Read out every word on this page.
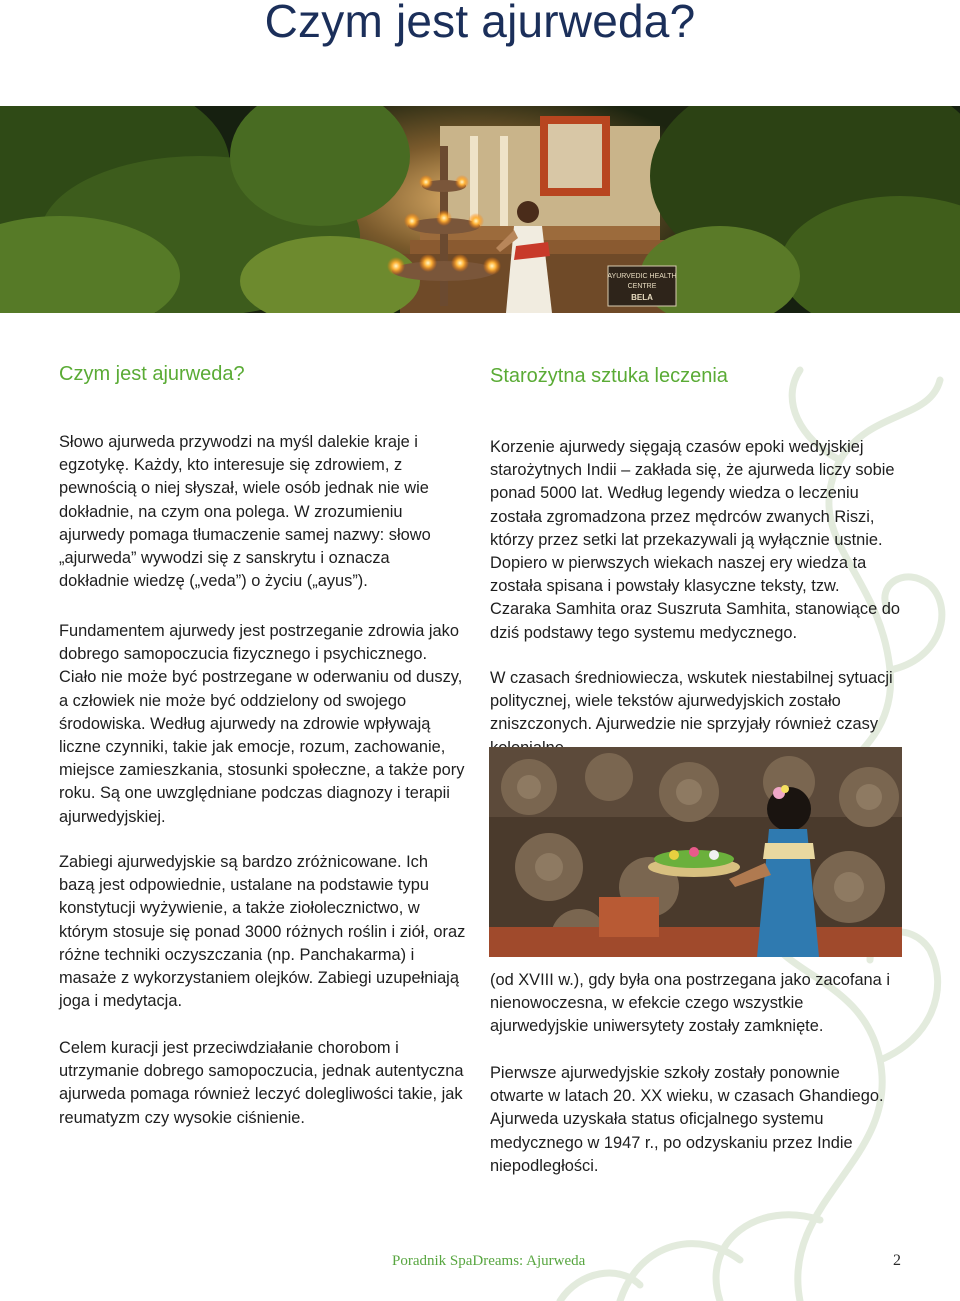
Czym jest ajurweda?
AYURVEDIC HEALTH
CENTRE
BELA
Czym jest ajurweda?	Starożytna sztuka leczenia

Słowo ajurweda przywodzi na myśl dalekie kraje i egzotykę. Każdy, kto interesuje się zdrowiem, z pewnością o niej słyszał, wiele osób jednak nie wie dokładnie, na czym ona polega. W zrozumieniu ajurwedy pomaga tłumaczenie samej nazwy: słowo „ajurweda” wywodzi się z sanskrytu i oznacza dokładnie wiedzę („veda”) o życiu („ayus”).

Fundamentem ajurwedy jest postrzeganie zdrowia jako dobrego samopoczucia fizycznego i psychicznego. Ciało nie może być postrzegane w oderwaniu od duszy, a człowiek nie może być oddzielony od swojego środowiska. Według ajurwedy na zdrowie wpływają liczne czynniki, takie jak emocje, rozum, zachowanie, miejsce zamieszkania, stosunki społeczne, a także pory roku. Są one uwzględniane podczas diagnozy i terapii ajurwedyjskiej.

Zabiegi ajurwedyjskie są bardzo zróżnicowane. Ich bazą jest odpowiednie, ustalane na podstawie typu konstytucji wyżywienie, a także ziołolecznictwo, w którym stosuje się ponad 3000 różnych roślin i ziół, oraz różne techniki oczyszczania (np. Panchakarma) i masaże z wykorzystaniem olejków. Zabiegi uzupełniają joga i medytacja.

Celem kuracji jest przeciwdziałanie chorobom i utrzymanie dobrego samopoczucia, jednak autentyczna ajurweda pomaga również leczyć dolegliwości takie, jak reumatyzm czy wysokie ciśnienie.

Korzenie ajurwedy sięgają czasów epoki wedyjskiej starożytnych Indii – zakłada się, że ajurweda liczy sobie ponad 5000 lat. Według legendy wiedza o leczeniu została zgromadzona przez mędrców zwanych Riszi, którzy przez setki lat przekazywali ją wyłącznie ustnie. Dopiero w pierwszych wiekach naszej ery wiedza ta została spisana i powstały klasyczne teksty, tzw. Czaraka Samhita oraz Suszruta Samhita, stanowiące do dziś podstawy tego systemu medycznego.

W czasach średniowiecza, wskutek niestabilnej sytuacji politycznej, wiele tekstów ajurwedyjskich zostało zniszczonych. Ajurwedzie nie sprzyjały również czasy

(od XVIII w.), gdy była ona postrzegana jako zacofana i nienowoczesna, w efekcie czego wszystkie ajurwedyjskie uniwersytety zostały zamknięte.

Pierwsze ajurwedyjskie szkoły zostały ponownie otwarte w latach 20. XX wieku, w czasach Ghandiego. Ajurweda uzyskała status oficjalnego systemu medycznego w 1947 r., po odzyskaniu przez Indie niepodległości.

Poradnik SpaDreams: Ajurweda	2
